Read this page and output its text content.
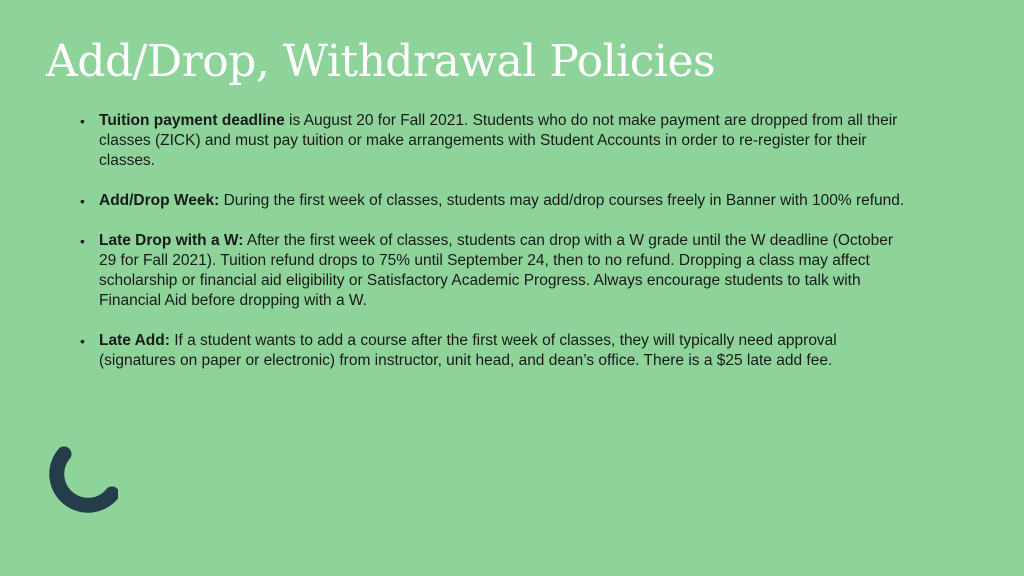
Add/Drop, Withdrawal Policies
• Tuition payment deadline is August 20 for Fall 2021. Students who do not make payment are dropped from all their classes (ZICK) and must pay tuition or make arrangements with Student Accounts in order to re-register for their classes.
• Add/Drop Week: During the first week of classes, students may add/drop courses freely in Banner with 100% refund.
• Late Drop with a W: After the first week of classes, students can drop with a W grade until the W deadline (October 29 for Fall 2021). Tuition refund drops to 75% until September 24, then to no refund. Dropping a class may affect scholarship or financial aid eligibility or Satisfactory Academic Progress. Always encourage students to talk with Financial Aid before dropping with a W.
• Late Add: If a student wants to add a course after the first week of classes, they will typically need approval (signatures on paper or electronic) from instructor, unit head, and dean’s office. There is a $25 late add fee.
